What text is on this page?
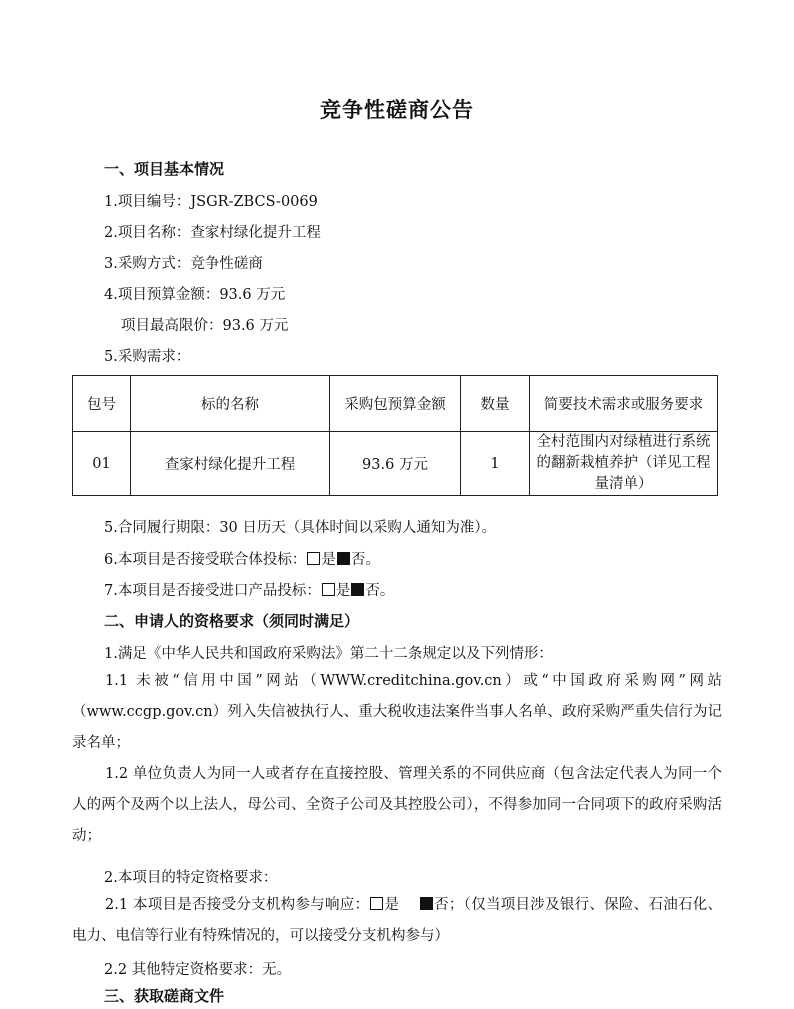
竞争性磋商公告
一、项目基本情况
1.项目编号：JSGR-ZBCS-0069
2.项目名称：查家村绿化提升工程
3.采购方式：竞争性磋商
4.项目预算金额：93.6 万元
项目最高限价：93.6 万元
5.采购需求：
包号	标的名称	采购包预算金额	数量	简要技术需求或服务要求
01	查家村绿化提升工程	93.6 万元	1	全村范围内对绿植进行系统的翻新栽植养护（详见工程量清单）
5.合同履行期限：30 日历天（具体时间以采购人通知为准）。
6.本项目是否接受联合体投标： 是 否。
7.本项目是否接受进口产品投标： 是 否。
二、申请人的资格要求（须同时满足）
1.满足《中华人民共和国政府采购法》第二十二条规定以及下列情形：

1.1 未被“信用中国”网站（WWW.creditchina.gov.cn）或“中国政府采购网”网站（www.ccgp.gov.cn）列入失信被执行人、重大税收违法案件当事人名单、政府采购严重失信行为记录名单；

1.2 单位负责人为同一人或者存在直接控股、管理关系的不同供应商（包含法定代表人为同一个人的两个及两个以上法人，母公司、全资子公司及其控股公司），不得参加同一合同项下的政府采购活动；

2.本项目的特定资格要求：

2.1 本项目是否接受分支机构参与响应： 是 否；（仅当项目涉及银行、保险、石油石化、电力、电信等行业有特殊情况的，可以接受分支机构参与）

2.2 其他特定资格要求：无。
三、获取磋商文件
